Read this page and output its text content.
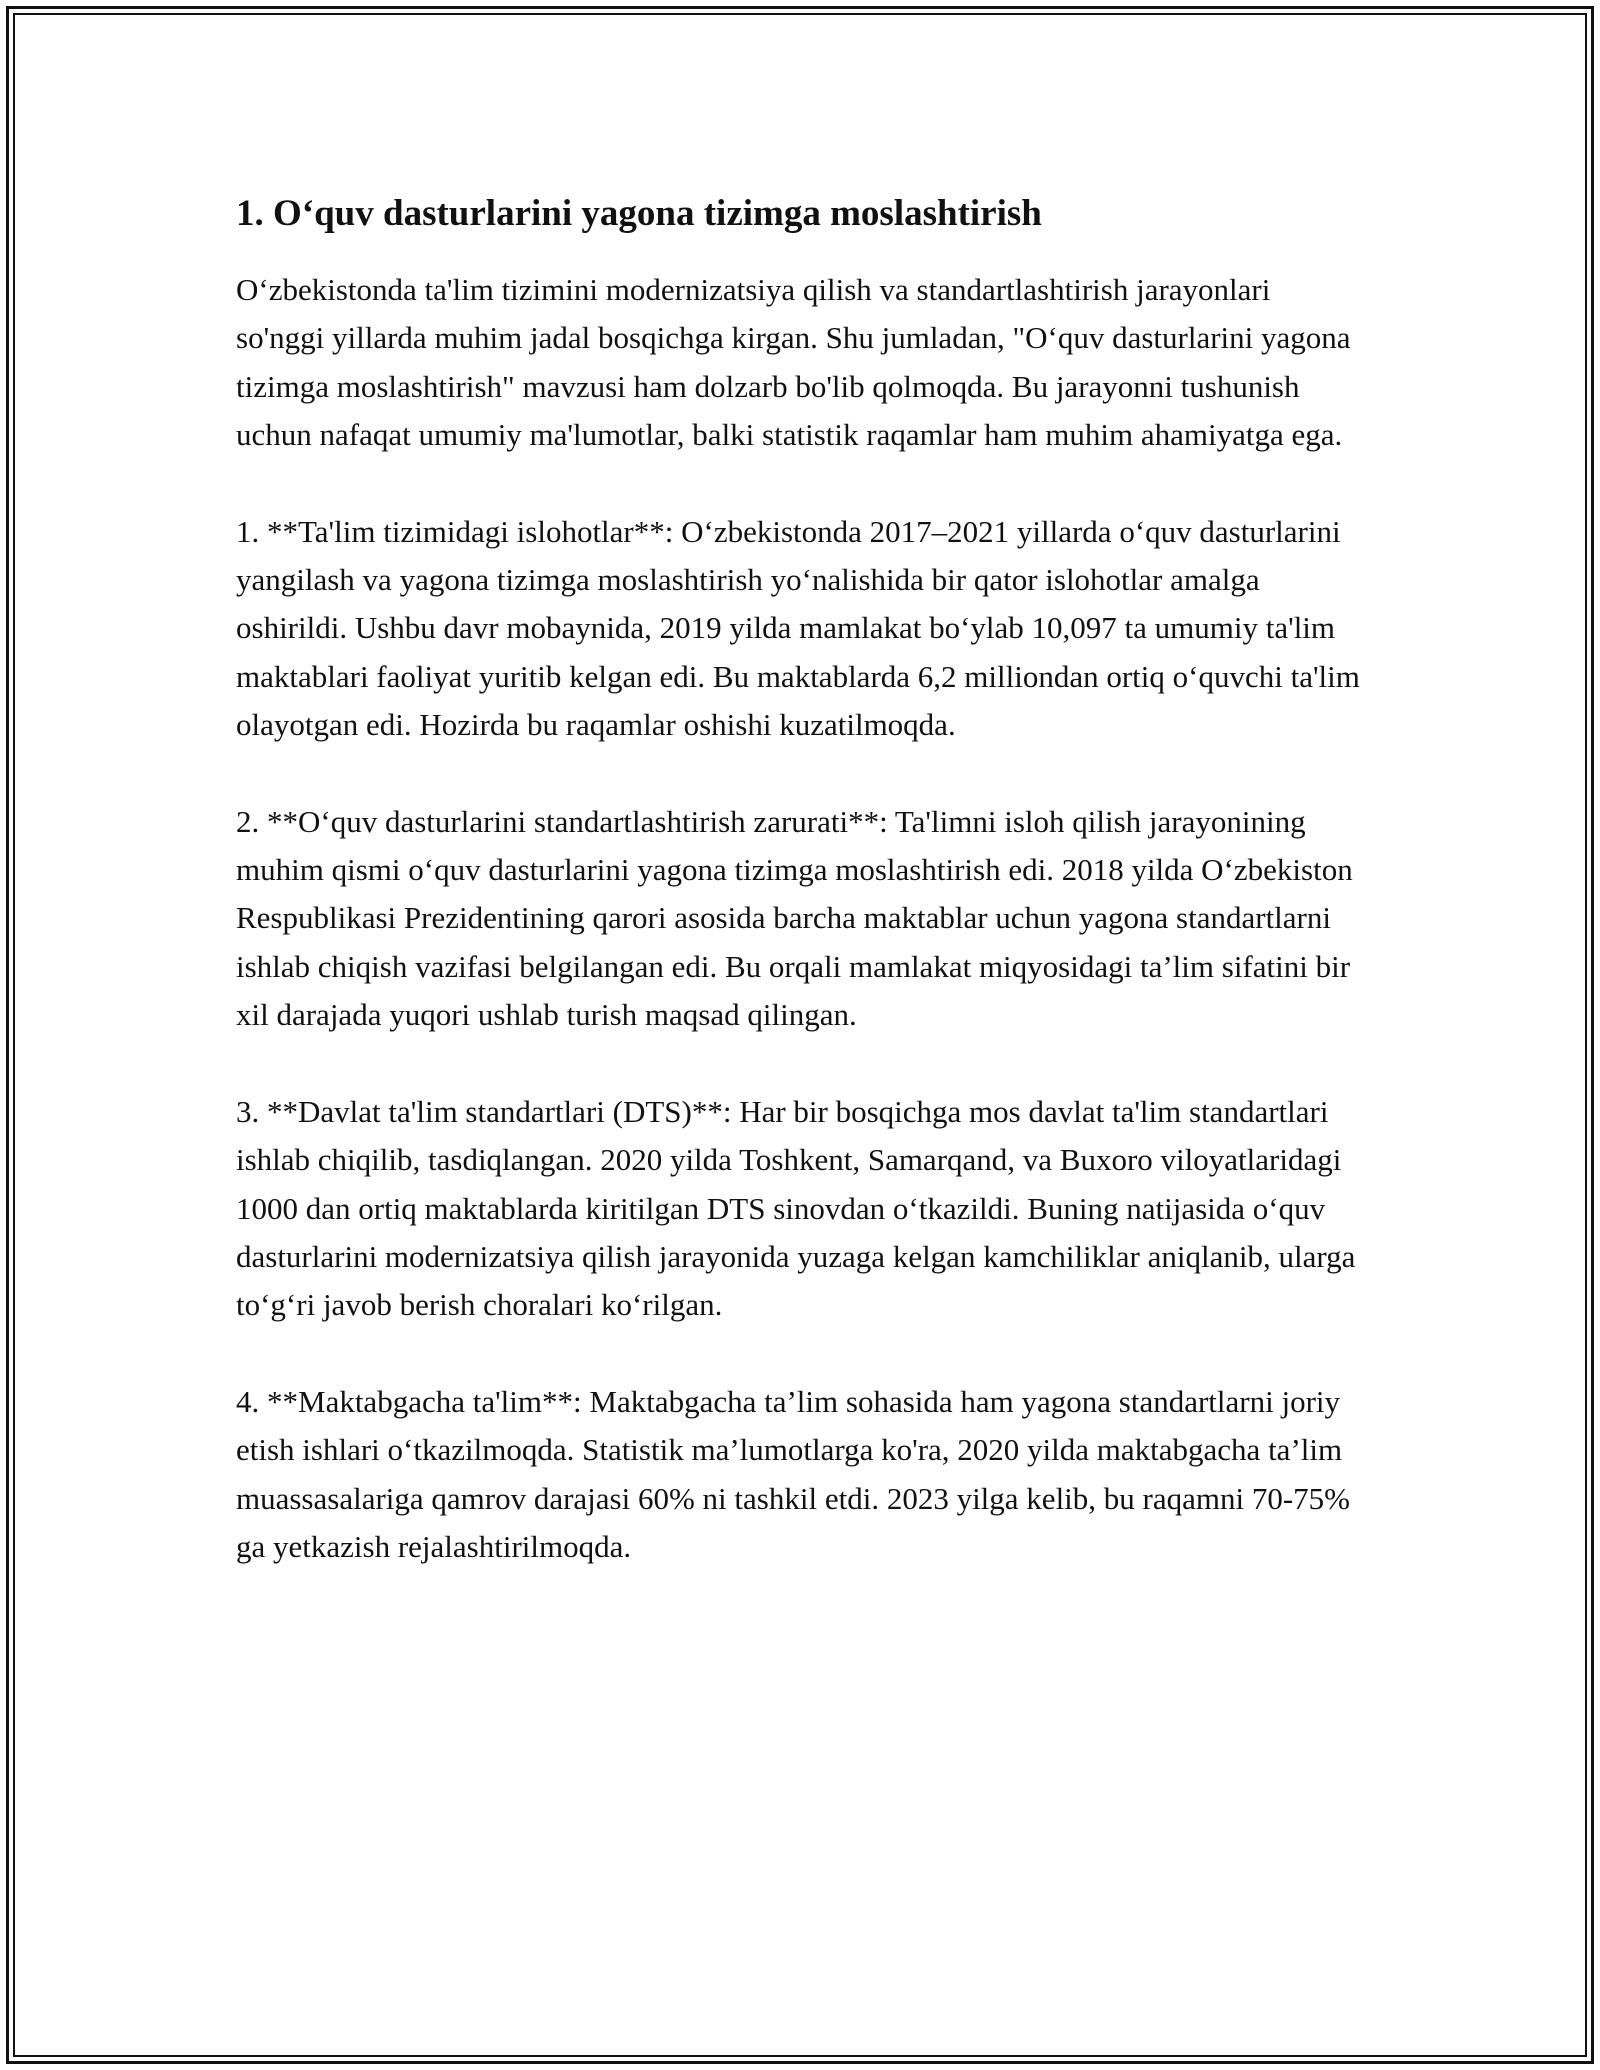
1. O‘quv dasturlarini yagona tizimga moslashtirish

O‘zbekistonda ta'lim tizimini modernizatsiya qilish va standartlashtirish jarayonlari so'nggi yillarda muhim jadal bosqichga kirgan. Shu jumladan, "O‘quv dasturlarini yagona tizimga moslashtirish" mavzusi ham dolzarb bo'lib qolmoqda. Bu jarayonni tushunish uchun nafaqat umumiy ma'lumotlar, balki statistik raqamlar ham muhim ahamiyatga ega.

1. **Ta'lim tizimidagi islohotlar**: O‘zbekistonda 2017–2021 yillarda o‘quv dasturlarini yangilash va yagona tizimga moslashtirish yo‘nalishida bir qator islohotlar amalga oshirildi. Ushbu davr mobaynida, 2019 yilda mamlakat bo‘ylab 10,097 ta umumiy ta'lim maktablari faoliyat yuritib kelgan edi. Bu maktablarda 6,2 milliondan ortiq o‘quvchi ta'lim olayotgan edi. Hozirda bu raqamlar oshishi kuzatilmoqda.

2. **O‘quv dasturlarini standartlashtirish zarurati**: Ta'limni isloh qilish jarayonining muhim qismi o‘quv dasturlarini yagona tizimga moslashtirish edi. 2018 yilda O‘zbekiston Respublikasi Prezidentining qarori asosida barcha maktablar uchun yagona standartlarni ishlab chiqish vazifasi belgilangan edi. Bu orqali mamlakat miqyosidagi ta’lim sifatini bir xil darajada yuqori ushlab turish maqsad qilingan.

3. **Davlat ta'lim standartlari (DTS)**: Har bir bosqichga mos davlat ta'lim standartlari ishlab chiqilib, tasdiqlangan. 2020 yilda Toshkent, Samarqand, va Buxoro viloyatlaridagi 1000 dan ortiq maktablarda kiritilgan DTS sinovdan o‘tkazildi. Buning natijasida o‘quv dasturlarini modernizatsiya qilish jarayonida yuzaga kelgan kamchiliklar aniqlanib, ularga to‘g‘ri javob berish choralari ko‘rilgan.

4. **Maktabgacha ta'lim**: Maktabgacha ta’lim sohasida ham yagona standartlarni joriy etish ishlari o‘tkazilmoqda. Statistik ma’lumotlarga ko'ra, 2020 yilda maktabgacha ta’lim muassasalariga qamrov darajasi 60% ni tashkil etdi. 2023 yilga kelib, bu raqamni 70-75% ga yetkazish rejalashtirilmoqda.
